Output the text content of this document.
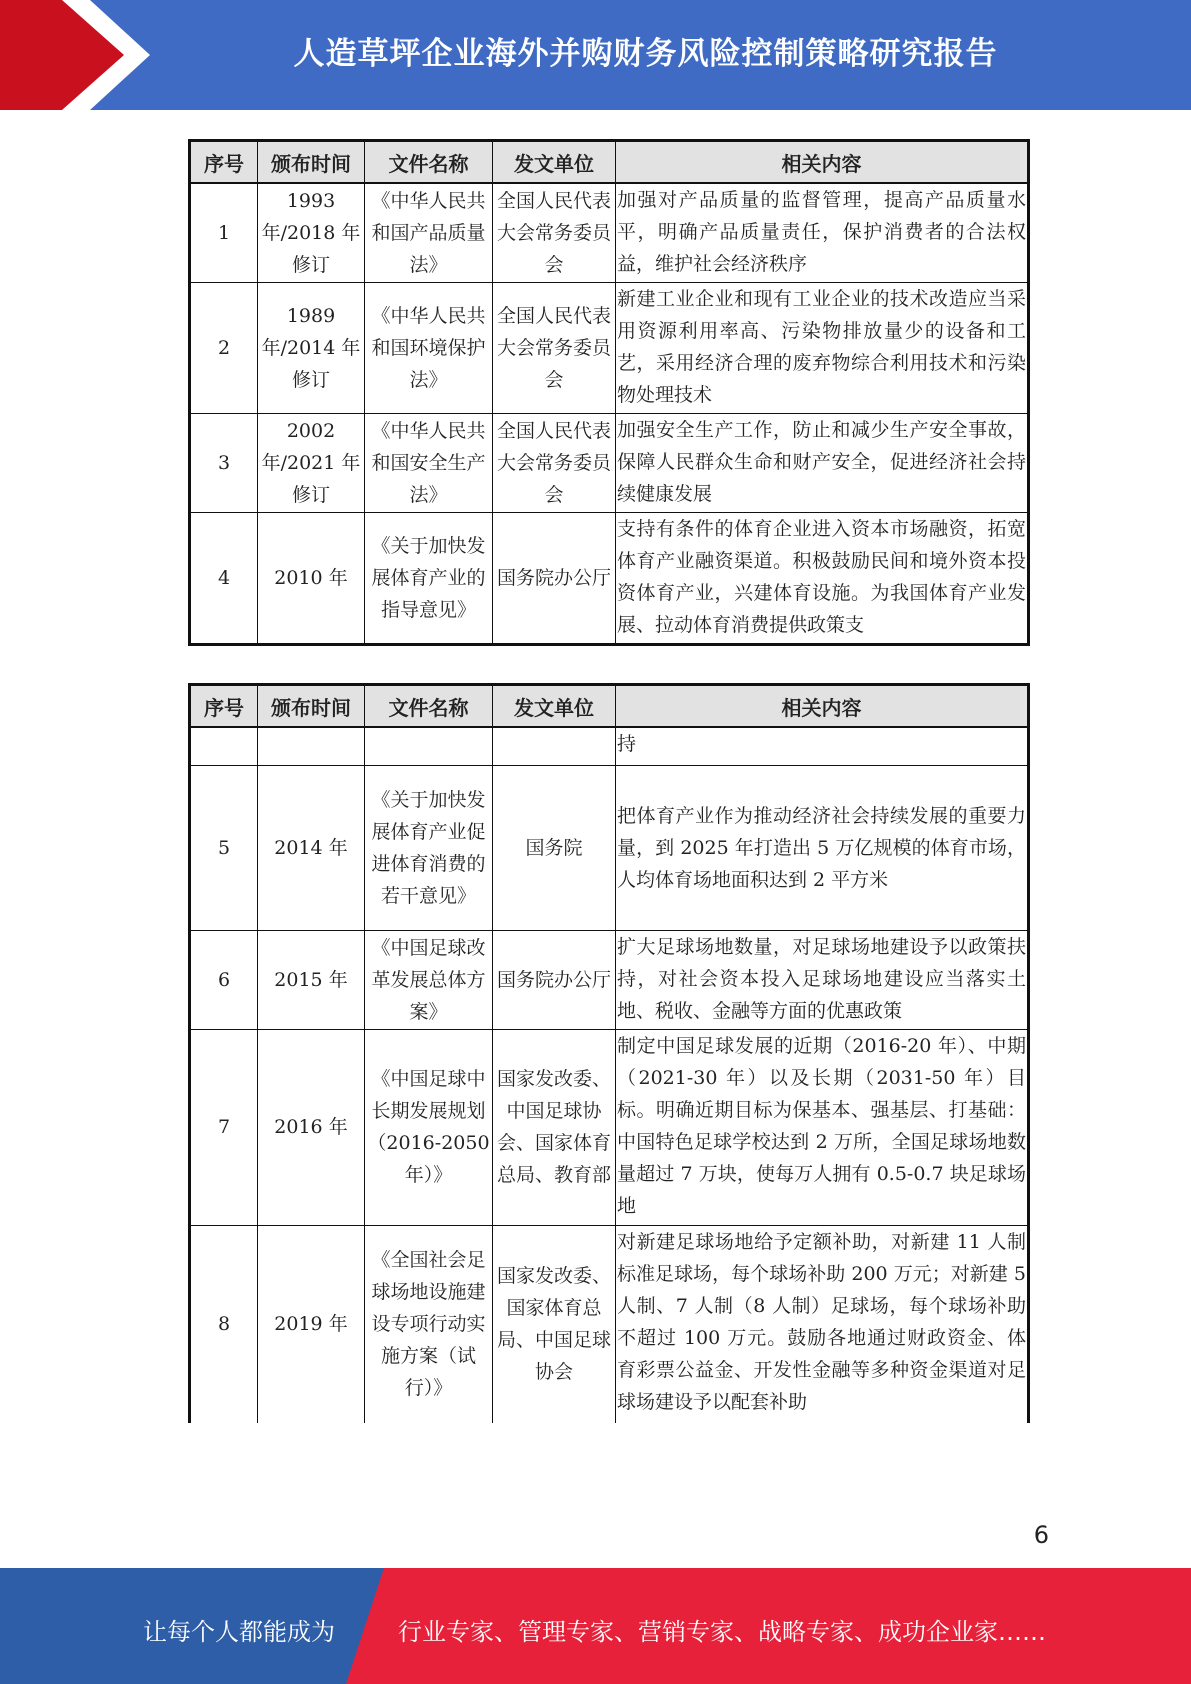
人造草坪企业海外并购财务风险控制策略研究报告
序号	颁布时间	文件名称	发文单位	相关内容
1	1993 年/2018 年修订	《中华人民共和国产品质量法》	全国人民代表大会常务委员会	加强对产品质量的监督管理，提高产品质量水平，明确产品质量责任，保护消费者的合法权益，维护社会经济秩序
2	1989 年/2014 年修订	《中华人民共和国环境保护法》	全国人民代表大会常务委员会	新建工业企业和现有工业企业的技术改造应当采用资源利用率高、污染物排放量少的设备和工艺，采用经济合理的废弃物综合利用技术和污染物处理技术
3	2002 年/2021 年修订	《中华人民共和国安全生产法》	全国人民代表大会常务委员会	加强安全生产工作，防止和减少生产安全事故，保障人民群众生命和财产安全，促进经济社会持续健康发展
4	2010 年	《关于加快发展体育产业的指导意见》	国务院办公厅	支持有条件的体育企业进入资本市场融资，拓宽体育产业融资渠道。积极鼓励民间和境外资本投资体育产业，兴建体育设施。为我国体育产业发展、拉动体育消费提供政策支
序号	颁布时间	文件名称	发文单位	相关内容
				持
5	2014 年	《关于加快发展体育产业促进体育消费的若干意见》	国务院	把体育产业作为推动经济社会持续发展的重要力量，到 2025 年打造出 5 万亿规模的体育市场，人均体育场地面积达到 2 平方米
6	2015 年	《中国足球改革发展总体方案》	国务院办公厅	扩大足球场地数量，对足球场地建设予以政策扶持，对社会资本投入足球场地建设应当落实土地、税收、金融等方面的优惠政策
7	2016 年	《中国足球中长期发展规划（2016-2050 年）》	国家发改委、中国足球协会、国家体育总局、教育部	制定中国足球发展的近期（2016-20 年）、中期（2021-30 年）以及长期（2031-50 年）目标。明确近期目标为保基本、强基层、打基础：中国特色足球学校达到 2 万所，全国足球场地数量超过 7 万块，使每万人拥有 0.5-0.7 块足球场地
8	2019 年	《全国社会足球场地设施建设专项行动实施方案（试行）》	国家发改委、国家体育总局、中国足球协会	对新建足球场地给予定额补助，对新建 11 人制标准足球场，每个球场补助 200 万元；对新建 5 人制、7 人制（8 人制）足球场，每个球场补助不超过 100 万元。鼓励各地通过财政资金、体育彩票公益金、开发性金融等多种资金渠道对足球场建设予以配套补助
6
让每个人都能成为	行业专家、管理专家、营销专家、战略专家、成功企业家……
